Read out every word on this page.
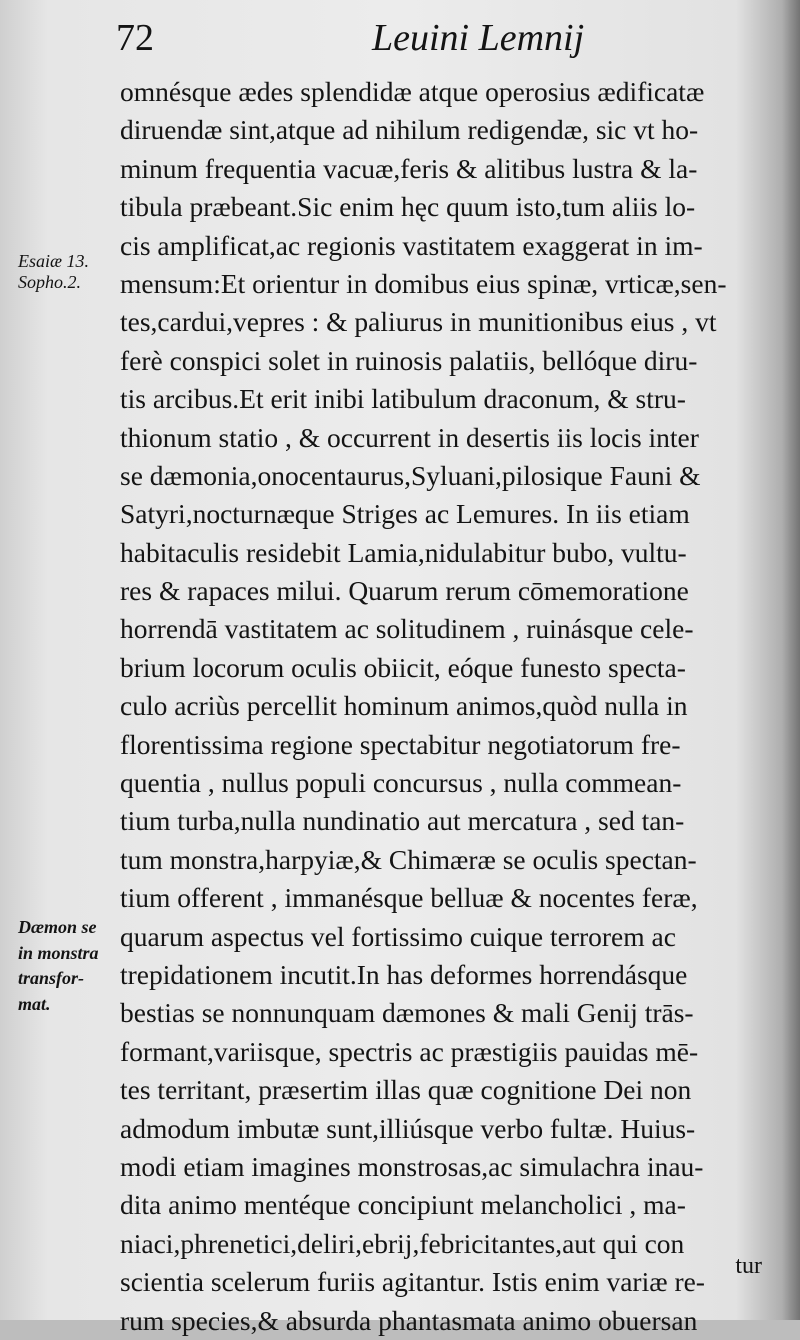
72	Leuini Lemnij
Esaiæ 13.
Sopho.2.
Dæmon se
in monstra
transfor-
mat.
omnésque ædes splendidæ atque operosius ædificatæ
diruendæ sint,atque ad nihilum redigendæ, sic vt ho-
minum frequentia vacuæ,feris & alitibus lustra & la-
tibula præbeant.Sic enim hęc quum isto,tum aliis lo-
cis amplificat,ac regionis vastitatem exaggerat in im-
mensum:Et orientur in domibus eius spinæ, vrticæ,sen-
tes,cardui,vepres : & paliurus in munitionibus eius , vt
ferè conspici solet in ruinosis palatiis, bellóque diru-
tis arcibus.Et erit inibi latibulum draconum, & stru-
thionum statio , & occurrent in desertis iis locis inter
se dæmonia,onocentaurus,Syluani,pilosique Fauni &
Satyri,nocturnæque Striges ac Lemures. In iis etiam
habitaculis residebit Lamia,nidulabitur bubo, vultu-
res & rapaces milui. Quarum rerum cōmemoratione
horrendā vastitatem ac solitudinem , ruinásque cele-
brium locorum oculis obiicit, eóque funesto specta-
culo acriùs percellit hominum animos,quòd nulla in
florentissima regione spectabitur negotiatorum fre-
quentia , nullus populi concursus , nulla commean-
tium turba,nulla nundinatio aut mercatura , sed tan-
tum monstra,harpyiæ,& Chimæræ se oculis spectan-
tium offerent , immanésque belluæ & nocentes feræ,
quarum aspectus vel fortissimo cuique terrorem ac
trepidationem incutit.In has deformes horrendásque
bestias se nonnunquam dæmones & mali Genij trās-
formant,variisque, spectris ac præstigiis pauidas mē-
tes territant, præsertim illas quæ cognitione Dei non
admodum imbutæ sunt,illiúsque verbo fultæ. Huius-
modi etiam imagines monstrosas,ac simulachra inau-
dita animo mentéque concipiunt melancholici , ma-
niaci,phrenetici,deliri,ebrij,febricitantes,aut qui con
scientia scelerum furiis agitantur. Istis enim variæ re-
rum species,& absurda phantasmata animo obuersan
tur
